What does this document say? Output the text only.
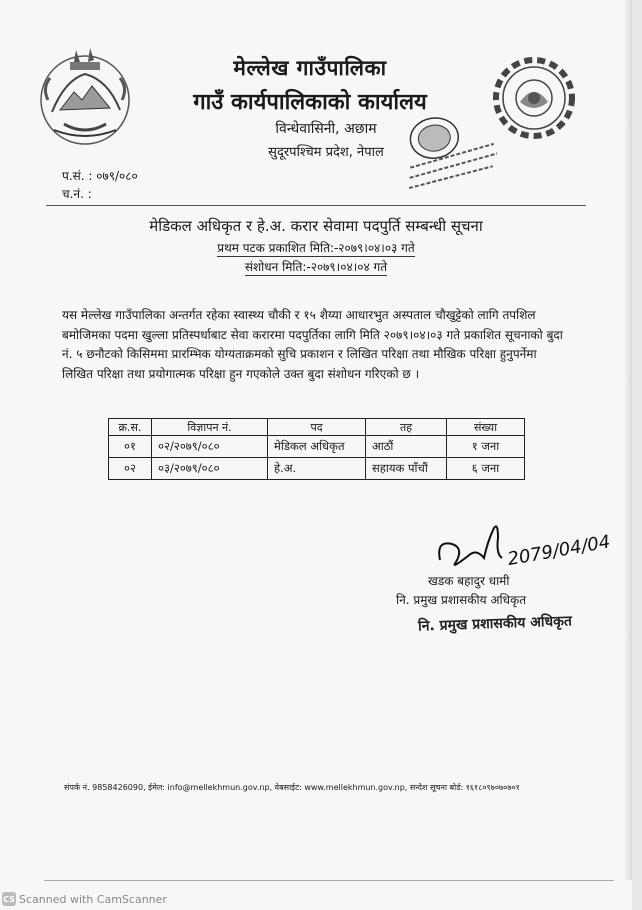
मेल्लेख गाउँपालिका
गाउँ कार्यपालिकाको कार्यालय
विन्धेवासिनी, अछाम
सुदूरपश्चिम प्रदेश, नेपाल
प.सं. : ०७९/०८०
च.नं. :
मेडिकल अधिकृत र हे.अ. करार सेवामा पदपुर्ति सम्बन्धी सूचना
प्रथम पटक प्रकाशित मिति:-२०७९।०४।०३ गते
संशोधन मिति:-२०७९।०४।०४ गते

यस मेल्लेख गाउँपालिका अन्तर्गत रहेका स्वास्थ्य चौकी र १५ शैय्या आधारभुत अस्पताल चौखुट्टेको लागि तपशिल बमोजिमका पदमा खुल्ला प्रतिस्पर्धाबाट सेवा करारमा पदपुर्तिका लागि मिति २०७९।०४।०३ गते प्रकाशित सूचनाको बुदा नं. ५ छनौटको किसिममा प्रारम्भिक योग्यताक्रमको सुचि प्रकाशन र लिखित परिक्षा तथा मौखिक परिक्षा हुनुपर्नेमा लिखित परिक्षा तथा प्रयोगात्मक परिक्षा हुन गएकोले उक्त बुदा संशोधन गरिएको छ ।

क्र.स.	विज्ञापन नं.	पद	तह	संख्या
०१	०२/२०७९/०८०	मेडिकल अधिकृत	आठौं	१ जना
०२	०३/२०७९/०८०	हे.अ.	सहायक पाँचौं	६ जना
2079/04/04
खडक बहादुर धामी
नि. प्रमुख प्रशासकीय अधिकृत
नि. प्रमुख प्रशासकीय अधिकृत
संपर्क नं. 9858426090, ईमेल: info@mellekhmun.gov.np, वेबसाईट: www.mellekhmun.gov.np, सन्देश सूचना बोर्ड: १६१८०९७०७०७०१
CS Scanned with CamScanner
